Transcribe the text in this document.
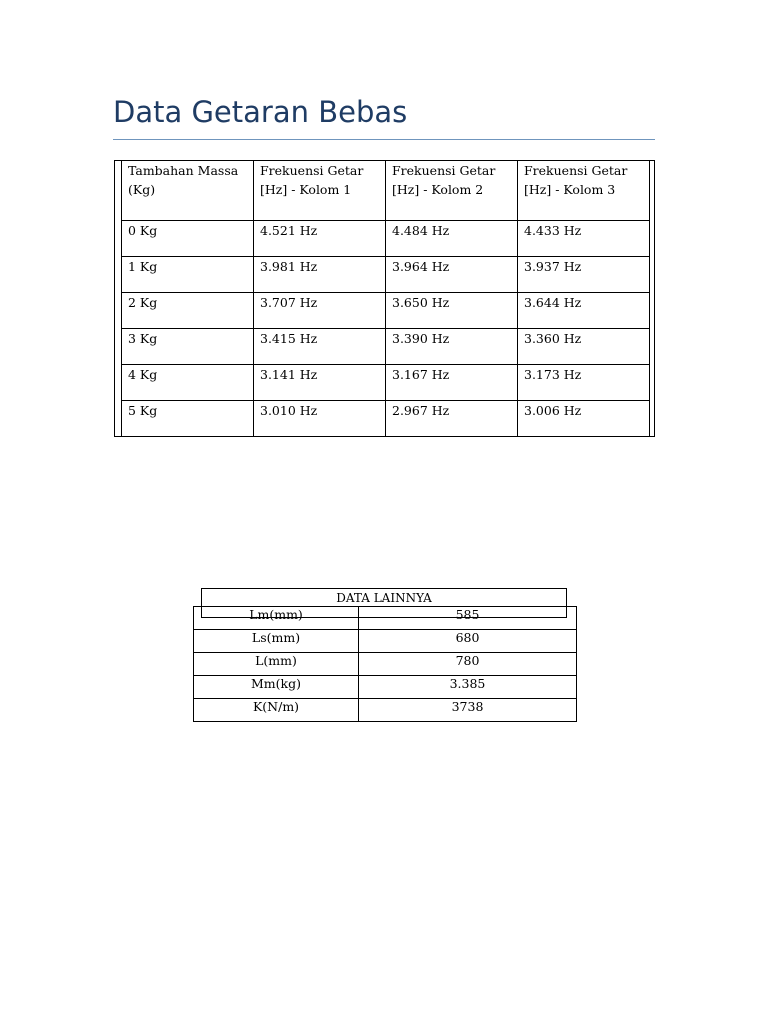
Data Getaran Bebas
Tambahan Massa (Kg)	Frekuensi Getar [Hz] - Kolom 1	Frekuensi Getar [Hz] - Kolom 2	Frekuensi Getar [Hz] - Kolom 3

0 Kg	4.521 Hz	4.484 Hz	4.433 Hz

1 Kg	3.981 Hz	3.964 Hz	3.937 Hz

2 Kg	3.707 Hz	3.650 Hz	3.644 Hz

3 Kg	3.415 Hz	3.390 Hz	3.360 Hz

4 Kg	3.141 Hz	3.167 Hz	3.173 Hz

5 Kg	3.010 Hz	2.967 Hz	3.006 Hz
Lm(mm)	585
Ls(mm)	680
L(mm)	780
Mm(kg)	3.385
K(N/m)	3738
DATA LAINNYA
